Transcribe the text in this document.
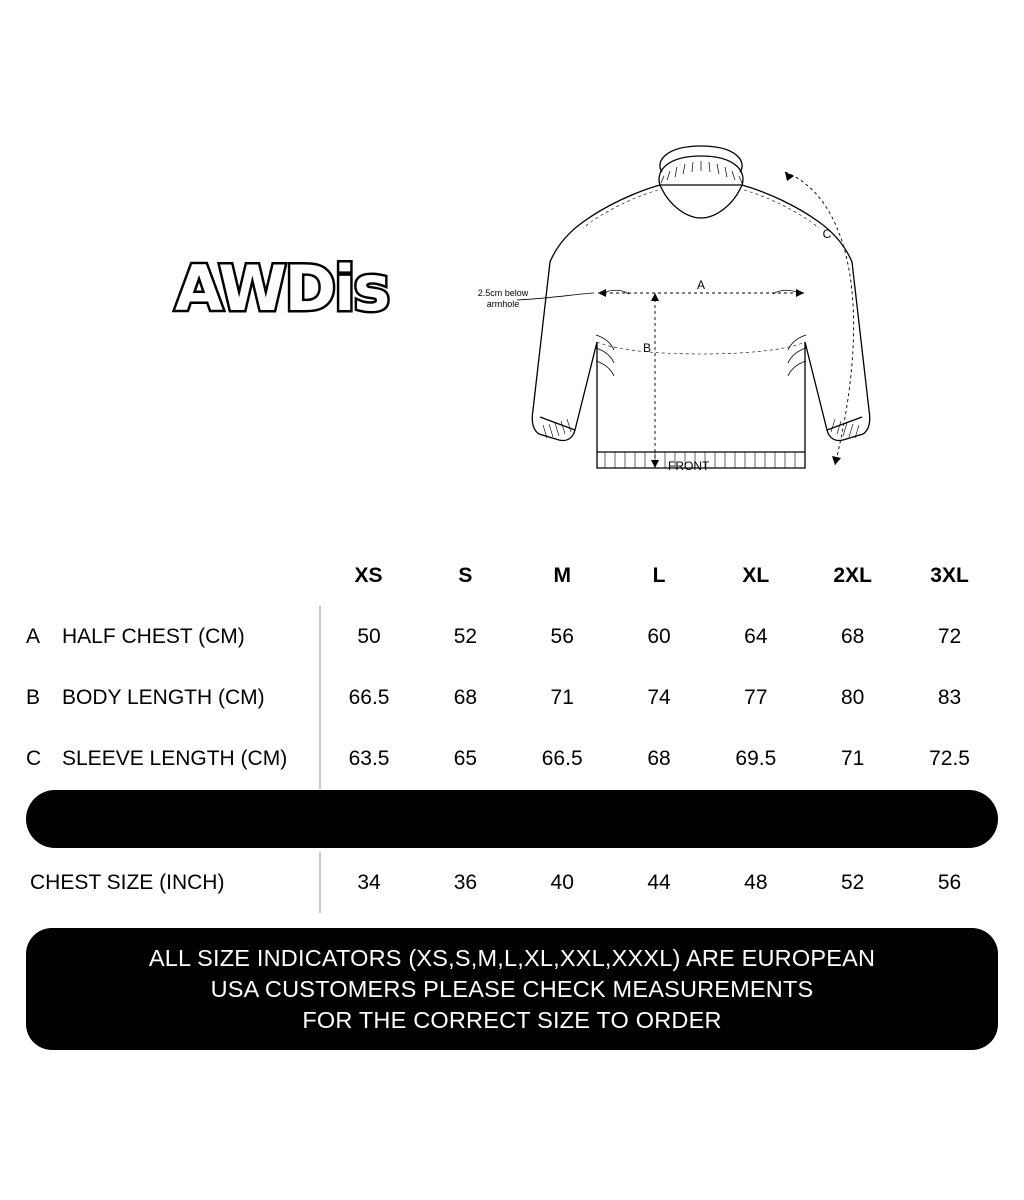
AWDis	A
B
C
2.5cm below armhole
FRONT
	XS	S	M	L	XL	2XL	3XL
A HALF CHEST (CM)	50	52	56	60	64	68	72
B BODY LENGTH (CM)	66.5	68	71	74	77	80	83
C SLEEVE LENGTH (CM)	63.5	65	66.5	68	69.5	71	72.5
CHEST SIZE (INCH)	34	36	40	44	48	52	56
ALL SIZE INDICATORS (XS,S,M,L,XL,XXL,XXXL) ARE EUROPEAN
USA CUSTOMERS PLEASE CHECK MEASUREMENTS
FOR THE CORRECT SIZE TO ORDER
